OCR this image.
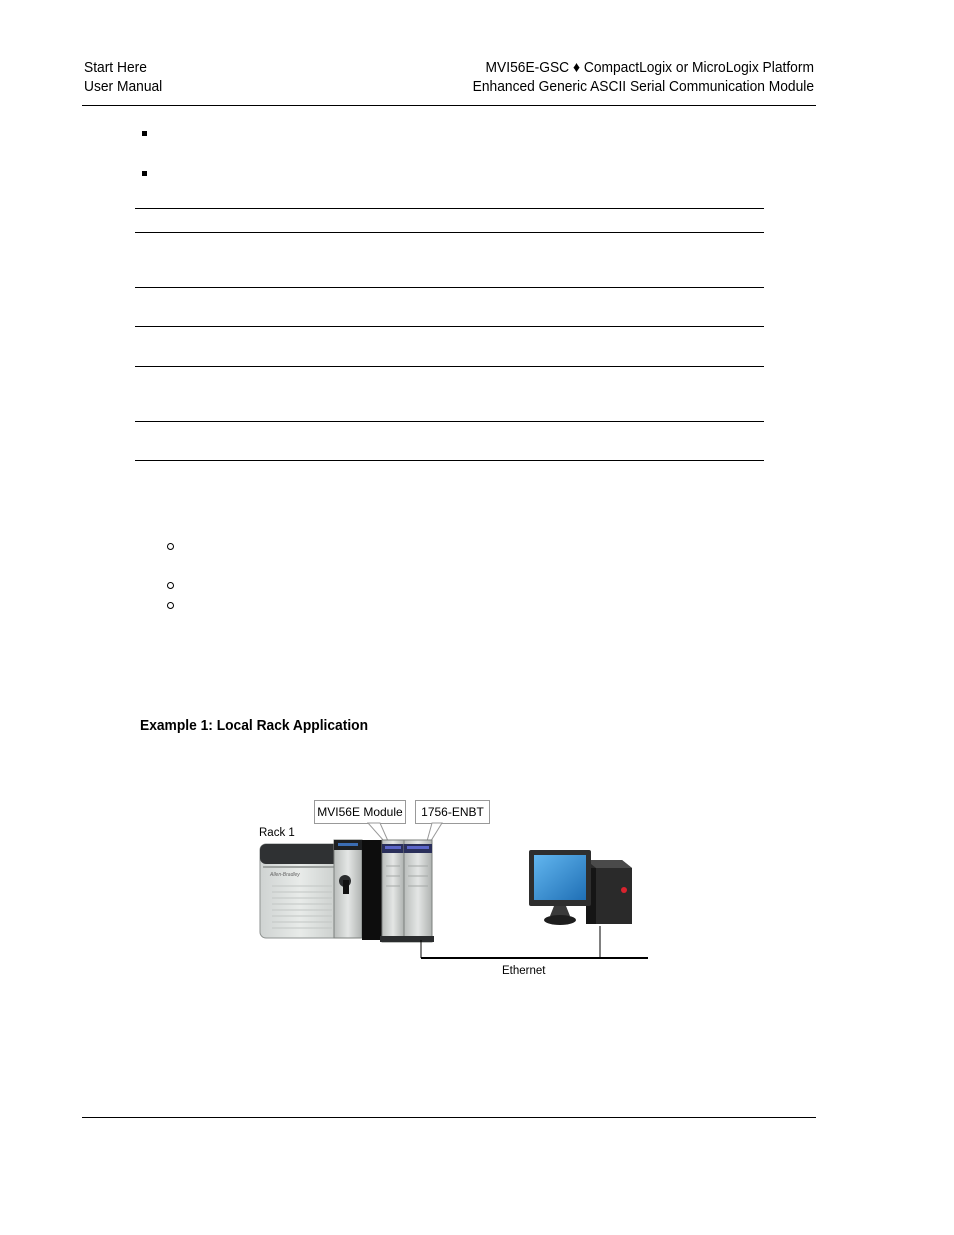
Start Here
User Manual
MVI56E-GSC ♦ CompactLogix or MicroLogix Platform
Enhanced Generic ASCII Serial Communication Module
Example 1: Local Rack Application
MVI56E Module	1756-ENBT
Rack 1
Allen-Bradley
Ethernet
